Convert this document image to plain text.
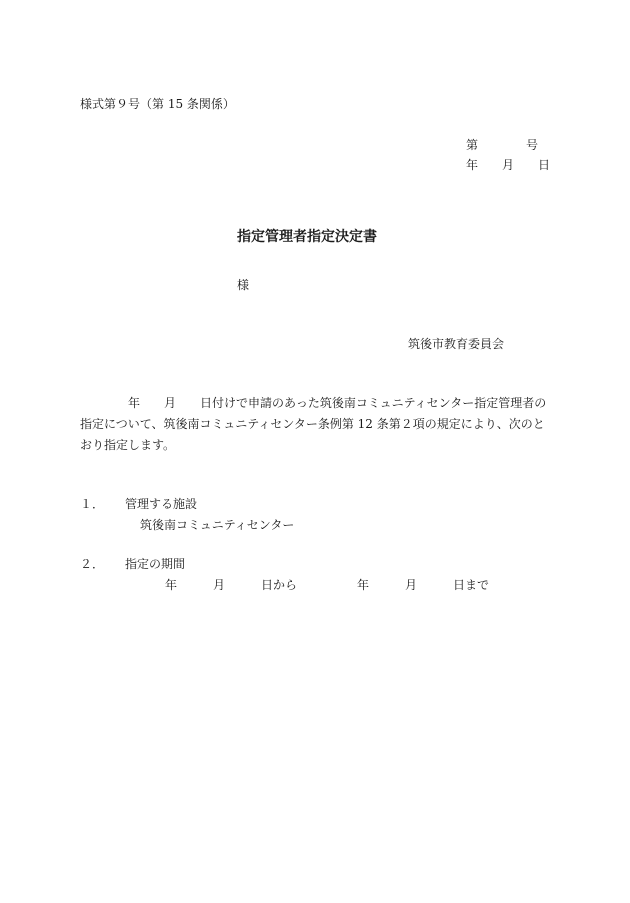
様式第９号（第 15 条関係）

第　　　　号

年　　月　　日

指定管理者指定決定書

様

筑後市教育委員会

　　　　年　　月　　日付けで申請のあった筑後南コミュニティセンター指定管理者の指定について、筑後南コミュニティセンター条例第 12 条第２項の規定により、次のとおり指定します。

１． 管理する施設

筑後南コミュニティセンター

２． 指定の期間

年　　　月　　　日から　　　　　年　　　月　　　日まで
